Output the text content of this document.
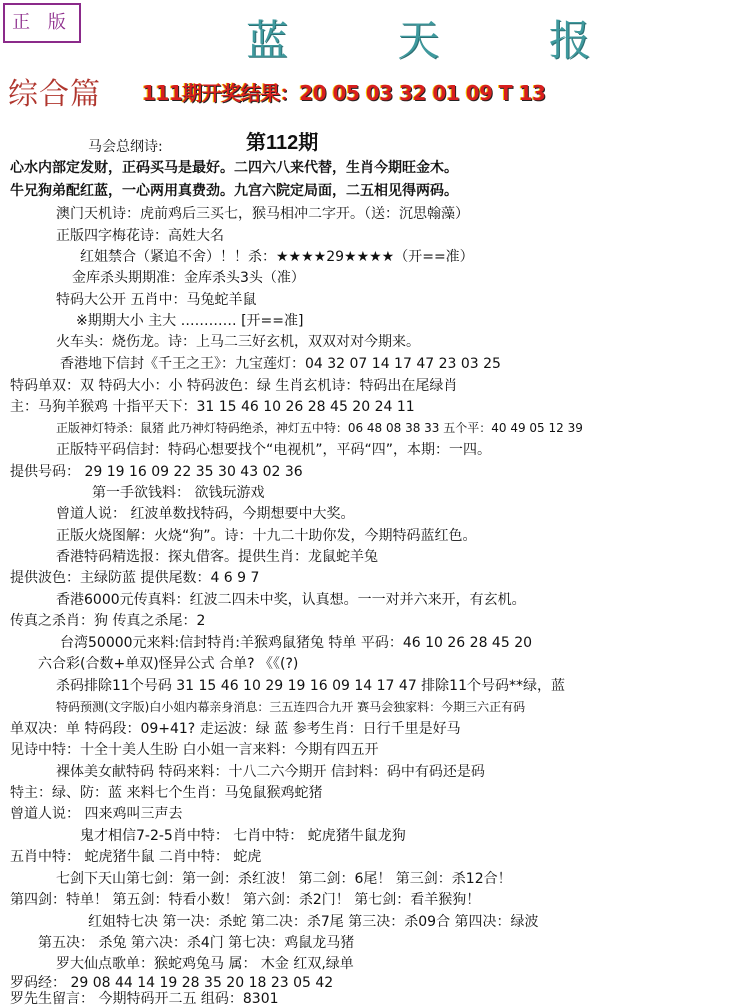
正 版	蓝 天 报
综合篇 111期开奖结果：20 05 03 32 01 09 T 13
第112期
马会总纲诗:
心水内部定发财，正码买马是最好。二四六八来代替，生肖今期旺金木。
牛兄狗弟配红蓝，一心两用真费劲。九宫六院定局面，二五相见得两码。
澳门天机诗：虎前鸡后三买七，猴马相冲二字开。（送：沉思翰藻）
正版四字梅花诗：高姓大名
红姐禁合（紧追不舍）！！杀：★★★★29★★★★（开==准）
金库杀头期期准：金库杀头3头（准）
特码大公开 五肖中：马兔蛇羊鼠
※期期大小 主大 ………… [开==准]
火车头：烧伤龙。诗：上马二三好玄机，双双对对今期来。
香港地下信封《千王之王》：九宝莲灯：04 32 07 14 17 47 23 03 25
特码单双：双 特码大小：小 特码波色：绿 生肖玄机诗：特码出在尾绿肖
主：马狗羊猴鸡 十指平天下：31 15 46 10 26 28 45 20 24 11
正版神灯特杀：鼠猪 此乃神灯特码绝杀，神灯五中特：06 48 08 38 33 五个平：40 49 05 12 39
正版特平码信封：特码心想要找个“电视机”，平码“四”，本期：一四。
提供号码： 29 19 16 09 22 35 30 43 02 36
第一手欲钱料： 欲钱玩游戏
曾道人说： 红波单数找特码，今期想要中大奖。
正版火烧图解：火烧“狗”。诗：十九二十助你发，今期特码蓝红色。
香港特码精选报：探丸借客。提供生肖：龙鼠蛇羊兔
提供波色：主绿防蓝 提供尾数：4 6 9 7
香港6000元传真料：红波二四未中奖，认真想。一一对并六来开，有玄机。
传真之杀肖：狗 传真之杀尾：2
台湾50000元来料:信封特肖:羊猴鸡鼠猪兔 特单 平码：46 10 26 28 45 20
六合彩(合数+单双)怪异公式 合单? 《《(?)
杀码排除11个号码 31 15 46 10 29 19 16 09 14 17 47 排除11个号码**绿，蓝
特码预测(文字版)白小姐内幕亲身消息：三五连四合九开 赛马会独家料：今期三六正有码
单双决：单 特码段：09+41? 走运波：绿 蓝 参考生肖：日行千里是好马
见诗中特：十全十美人生盼 白小姐一言来料：今期有四五开
裸体美女献特码 特码来料：十八二六今期开 信封料：码中有码还是码
特主：绿、防：蓝 来料七个生肖：马兔鼠猴鸡蛇猪
曾道人说： 四来鸡叫三声去
鬼才相信7-2-5肖中特： 七肖中特： 蛇虎猪牛鼠龙狗
五肖中特： 蛇虎猪牛鼠 二肖中特： 蛇虎
七剑下天山第七剑：第一剑：杀红波！ 第二剑：6尾！ 第三剑：杀12合！
第四剑：特单！ 第五剑：特看小数！ 第六剑：杀2门！ 第七剑：看羊猴狗！
红姐特七决 第一决：杀蛇 第二决：杀7尾 第三决：杀09合 第四决：绿波
第五决： 杀兔 第六决：杀4门 第七决：鸡鼠龙马猪
罗大仙点歌单：猴蛇鸡兔马 属： 木金 红双,绿单
罗码经： 29 08 44 14 19 28 35 20 18 23 05 42
罗先生留言： 今期特码开二五 组码：8301
